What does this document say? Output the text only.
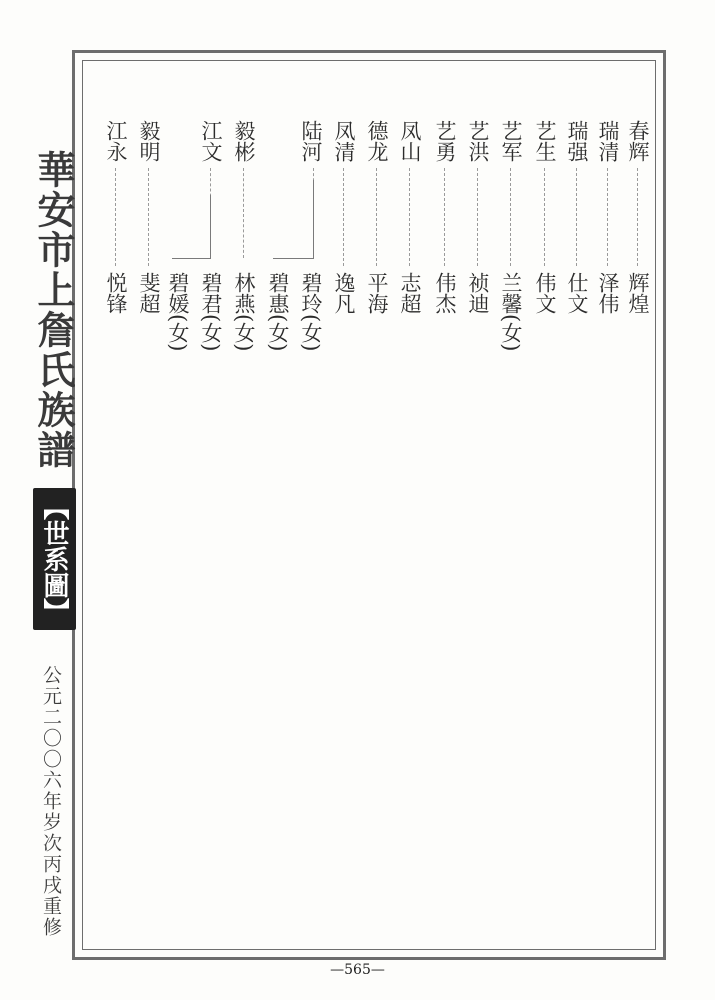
華安市上詹氏族譜
【世系圖】
公元二〇〇六年岁次丙戌重修
春辉
瑞清
瑞强
艺生
艺军
艺洪
艺勇
凤山
德龙
凤清
陆河
毅彬
江文
毅明
江永
辉煌
泽伟
仕文
伟文
兰馨(女)
祯迪
伟杰
志超
平海
逸凡
碧玲(女)
碧惠(女)
林燕(女)
碧君(女)
碧媛(女)
斐超
悦锋
—565—
